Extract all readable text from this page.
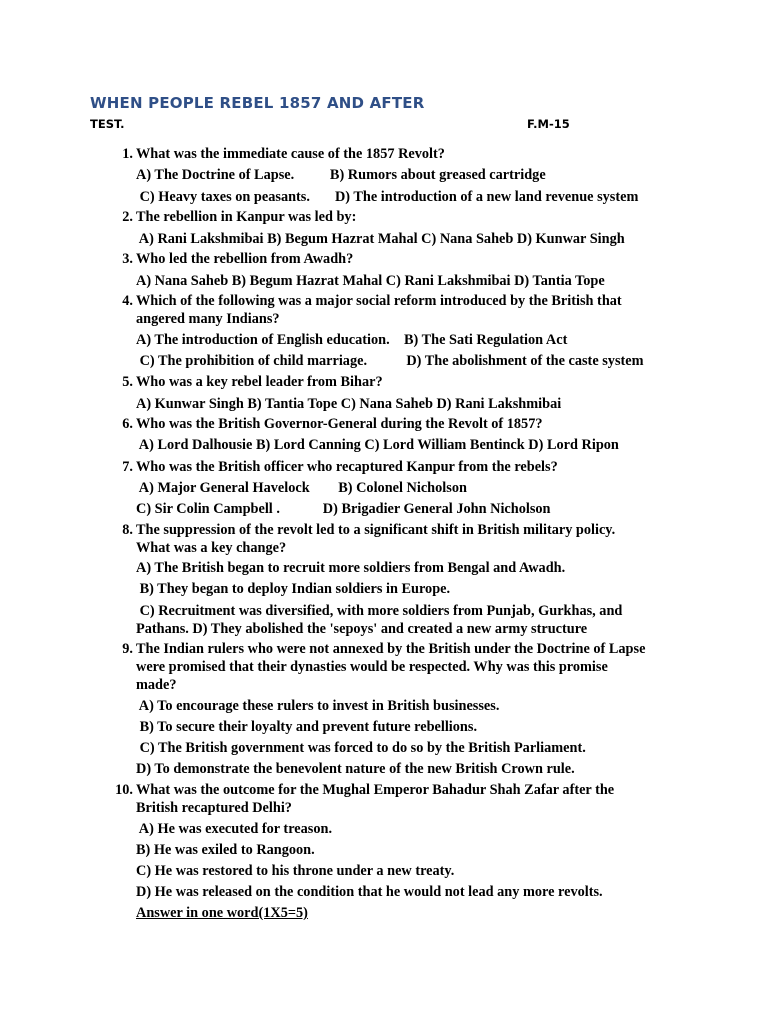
WHEN PEOPLE REBEL 1857 AND AFTER
TEST.	F.M-15
1. What was the immediate cause of the 1857 Revolt?
A) The Doctrine of Lapse.          B) Rumors about greased cartridge
C) Heavy taxes on peasants.       D) The introduction of a new land revenue system
2. The rebellion in Kanpur was led by:
A) Rani Lakshmibai B) Begum Hazrat Mahal C) Nana Saheb D) Kunwar Singh
3. Who led the rebellion from Awadh?
A) Nana Saheb B) Begum Hazrat Mahal C) Rani Lakshmibai D) Tantia Tope
4. Which of the following was a major social reform introduced by the British that
angered many Indians?
A) The introduction of English education.    B) The Sati Regulation Act
C) The prohibition of child marriage.           D) The abolishment of the caste system
5. Who was a key rebel leader from Bihar?
A) Kunwar Singh B) Tantia Tope C) Nana Saheb D) Rani Lakshmibai
6. Who was the British Governor-General during the Revolt of 1857?
A) Lord Dalhousie B) Lord Canning C) Lord William Bentinck D) Lord Ripon
7. Who was the British officer who recaptured Kanpur from the rebels?
A) Major General Havelock        B) Colonel Nicholson
C) Sir Colin Campbell .            D) Brigadier General John Nicholson
8. The suppression of the revolt led to a significant shift in British military policy.
What was a key change?
A) The British began to recruit more soldiers from Bengal and Awadh.
B) They began to deploy Indian soldiers in Europe.
C) Recruitment was diversified, with more soldiers from Punjab, Gurkhas, and
Pathans. D) They abolished the 'sepoys' and created a new army structure
9. The Indian rulers who were not annexed by the British under the Doctrine of Lapse
were promised that their dynasties would be respected. Why was this promise
made?
A) To encourage these rulers to invest in British businesses.
B) To secure their loyalty and prevent future rebellions.
C) The British government was forced to do so by the British Parliament.
D) To demonstrate the benevolent nature of the new British Crown rule.
10. What was the outcome for the Mughal Emperor Bahadur Shah Zafar after the
British recaptured Delhi?
A) He was executed for treason.
B) He was exiled to Rangoon.
C) He was restored to his throne under a new treaty.
D) He was released on the condition that he would not lead any more revolts.
Answer in one word(1X5=5)
